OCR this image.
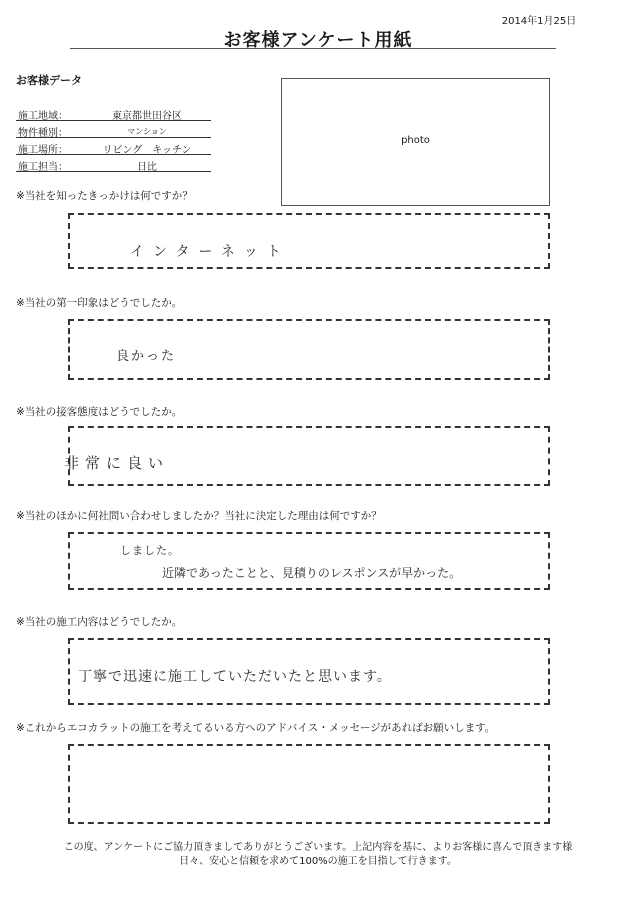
2014年1月25日
お客様アンケート用紙
お客様データ
施工地域：	東京都世田谷区
物件種別：	マンション
施工場所：	リビング　キッチン
施工担当：	日比
photo
※当社を知ったきっかけは何ですか？
インターネット
※当社の第一印象はどうでしたか。
良かった
※当社の接客態度はどうでしたか。
非常に良い
※当社のほかに何社問い合わせしましたか？当社に決定した理由は何ですか？
しました。
近隣であったことと、見積りのレスポンスが早かった。
※当社の施工内容はどうでしたか。
丁寧で迅速に施工していただいたと思います。
※これからエコカラットの施工を考えてるいる方へのアドバイス・メッセージがあればお願いします。
この度、アンケートにご協力頂きましてありがとうございます。上記内容を基に、よりお客様に喜んで頂きます様
日々、安心と信頼を求めて100%の施工を目指して行きます。
